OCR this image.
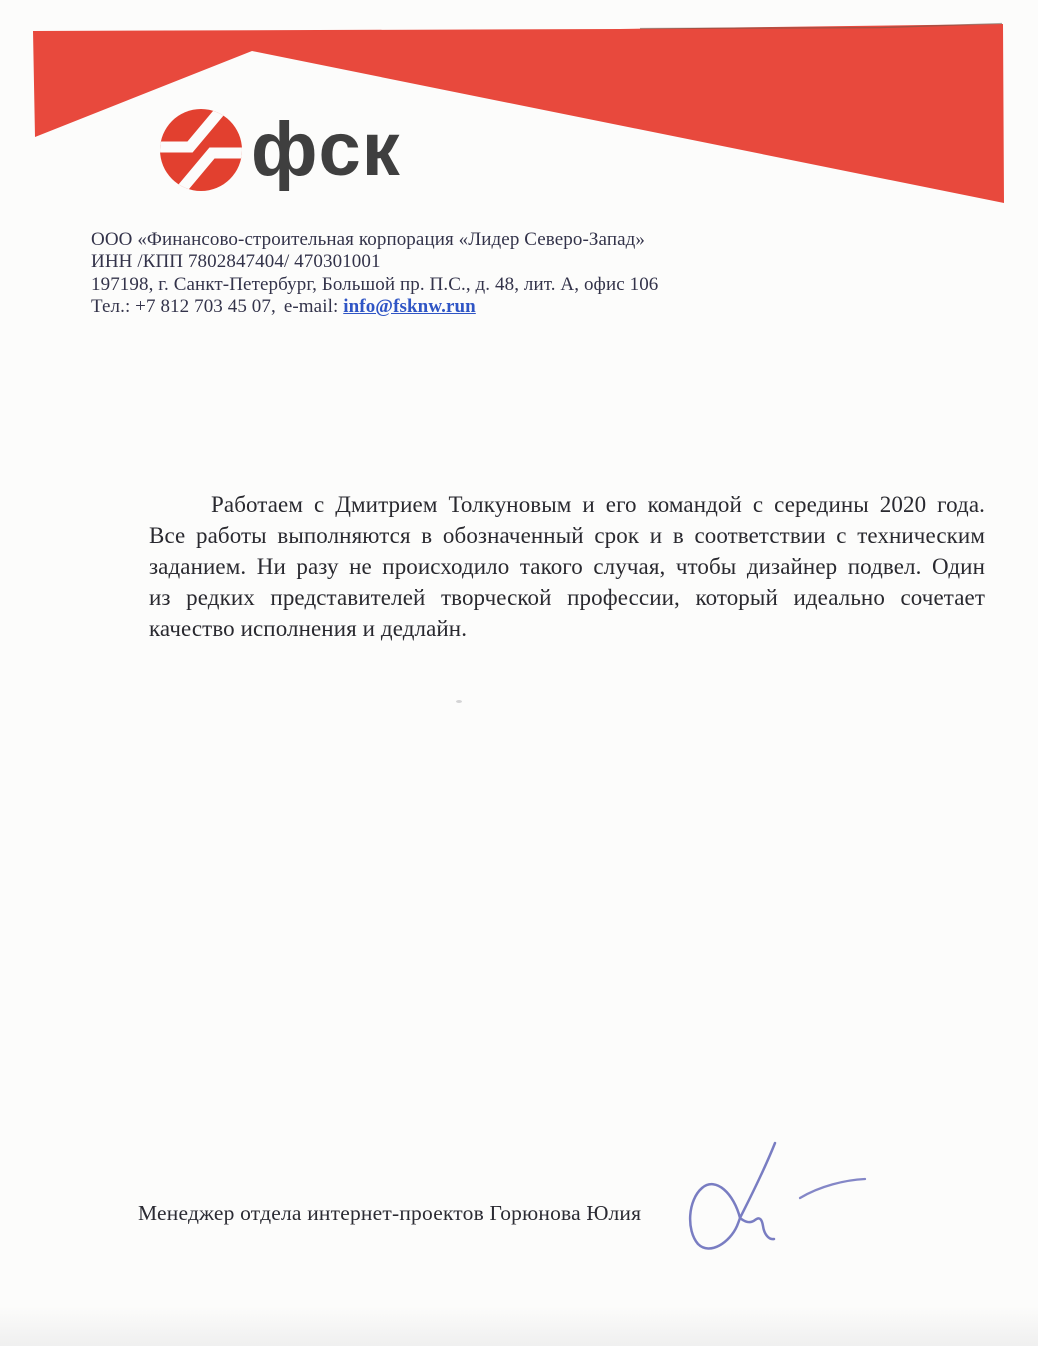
фск
ООО «Финансово-строительная корпорация «Лидер Северо-Запад»
ИНН /КПП 7802847404/ 470301001
197198, г. Санкт-Петербург, Большой пр. П.С., д. 48, лит. А, офис 106
Тел.: +7 812 703 45 07, e-mail: info@fsknw.run
Работаем с Дмитрием Толкуновым и его командой с середины 2020 года.
Все работы выполняются в обозначенный срок и в соответствии с техническим
заданием. Ни разу не происходило такого случая, чтобы дизайнер подвел. Один
из редких представителей творческой профессии, который идеально сочетает
качество исполнения и дедлайн.
Менеджер отдела интернет-проектов Горюнова Юлия
